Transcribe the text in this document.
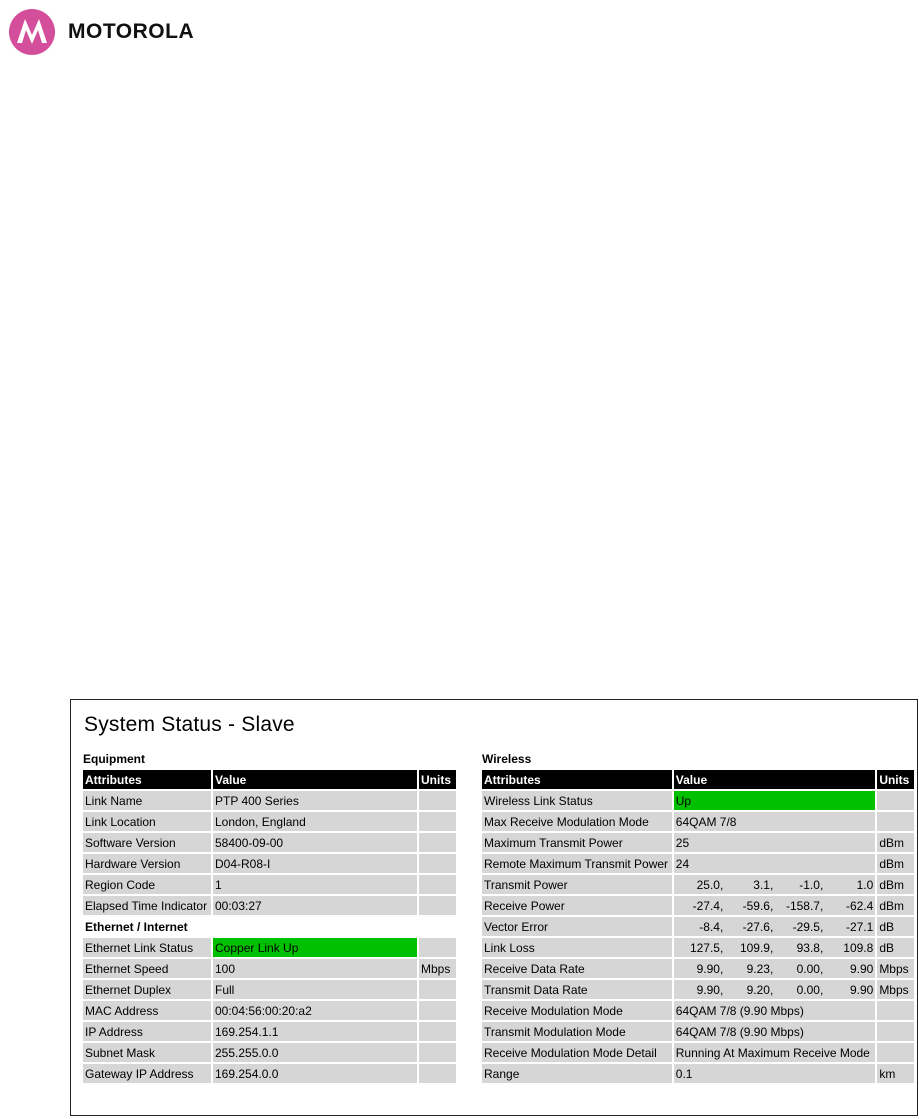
MOTOROLA
System Status - Slave
Equipment
Attributes	Value	Units
Link Name	PTP 400 Series	
Link Location	London, England	
Software Version	58400-09-00	
Hardware Version	D04-R08-I	
Region Code	1	
Elapsed Time Indicator	00:03:27	
Ethernet / Internet		
Ethernet Link Status	Copper Link Up	
Ethernet Speed	100	Mbps
Ethernet Duplex	Full	
MAC Address	00:04:56:00:20:a2	
IP Address	169.254.1.1	
Subnet Mask	255.255.0.0	
Gateway IP Address	169.254.0.0	
Wireless
Attributes	Value	Units
Wireless Link Status	Up	
Max Receive Modulation Mode	64QAM 7/8	
Maximum Transmit Power	25	dBm
Remote Maximum Transmit Power	24	dBm
Transmit Power	25.0, 3.1, -1.0, 1.0	dBm
Receive Power	-27.4, -59.6, -158.7, -62.4	dBm
Vector Error	-8.4, -27.6, -29.5, -27.1	dB
Link Loss	127.5, 109.9, 93.8, 109.8	dB
Receive Data Rate	9.90, 9.23, 0.00, 9.90	Mbps
Transmit Data Rate	9.90, 9.20, 0.00, 9.90	Mbps
Receive Modulation Mode	64QAM 7/8 (9.90 Mbps)	
Transmit Modulation Mode	64QAM 7/8 (9.90 Mbps)	
Receive Modulation Mode Detail	Running At Maximum Receive Mode	
Range	0.1	km
